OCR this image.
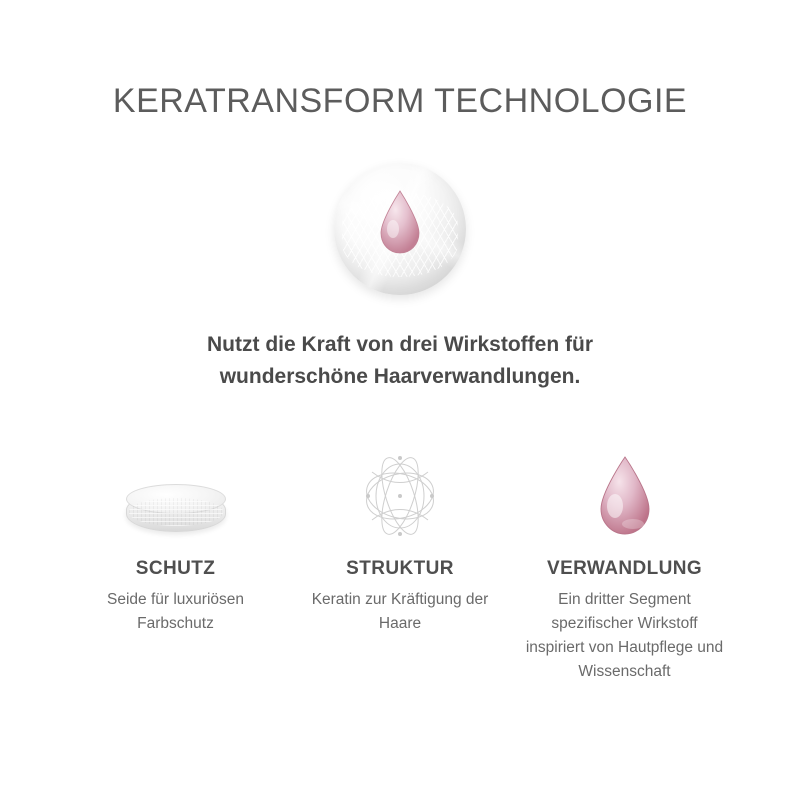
KERATRANSFORM TECHNOLOGIE
Nutzt die Kraft von drei Wirkstoffen für
wunderschöne Haarverwandlungen.
SCHUTZ
Seide für luxuriösen Farbschutz
STRUKTUR
Keratin zur Kräftigung der Haare
VERWANDLUNG
Ein dritter Segment spezifischer Wirkstoff inspiriert von Hautpflege und Wissenschaft
